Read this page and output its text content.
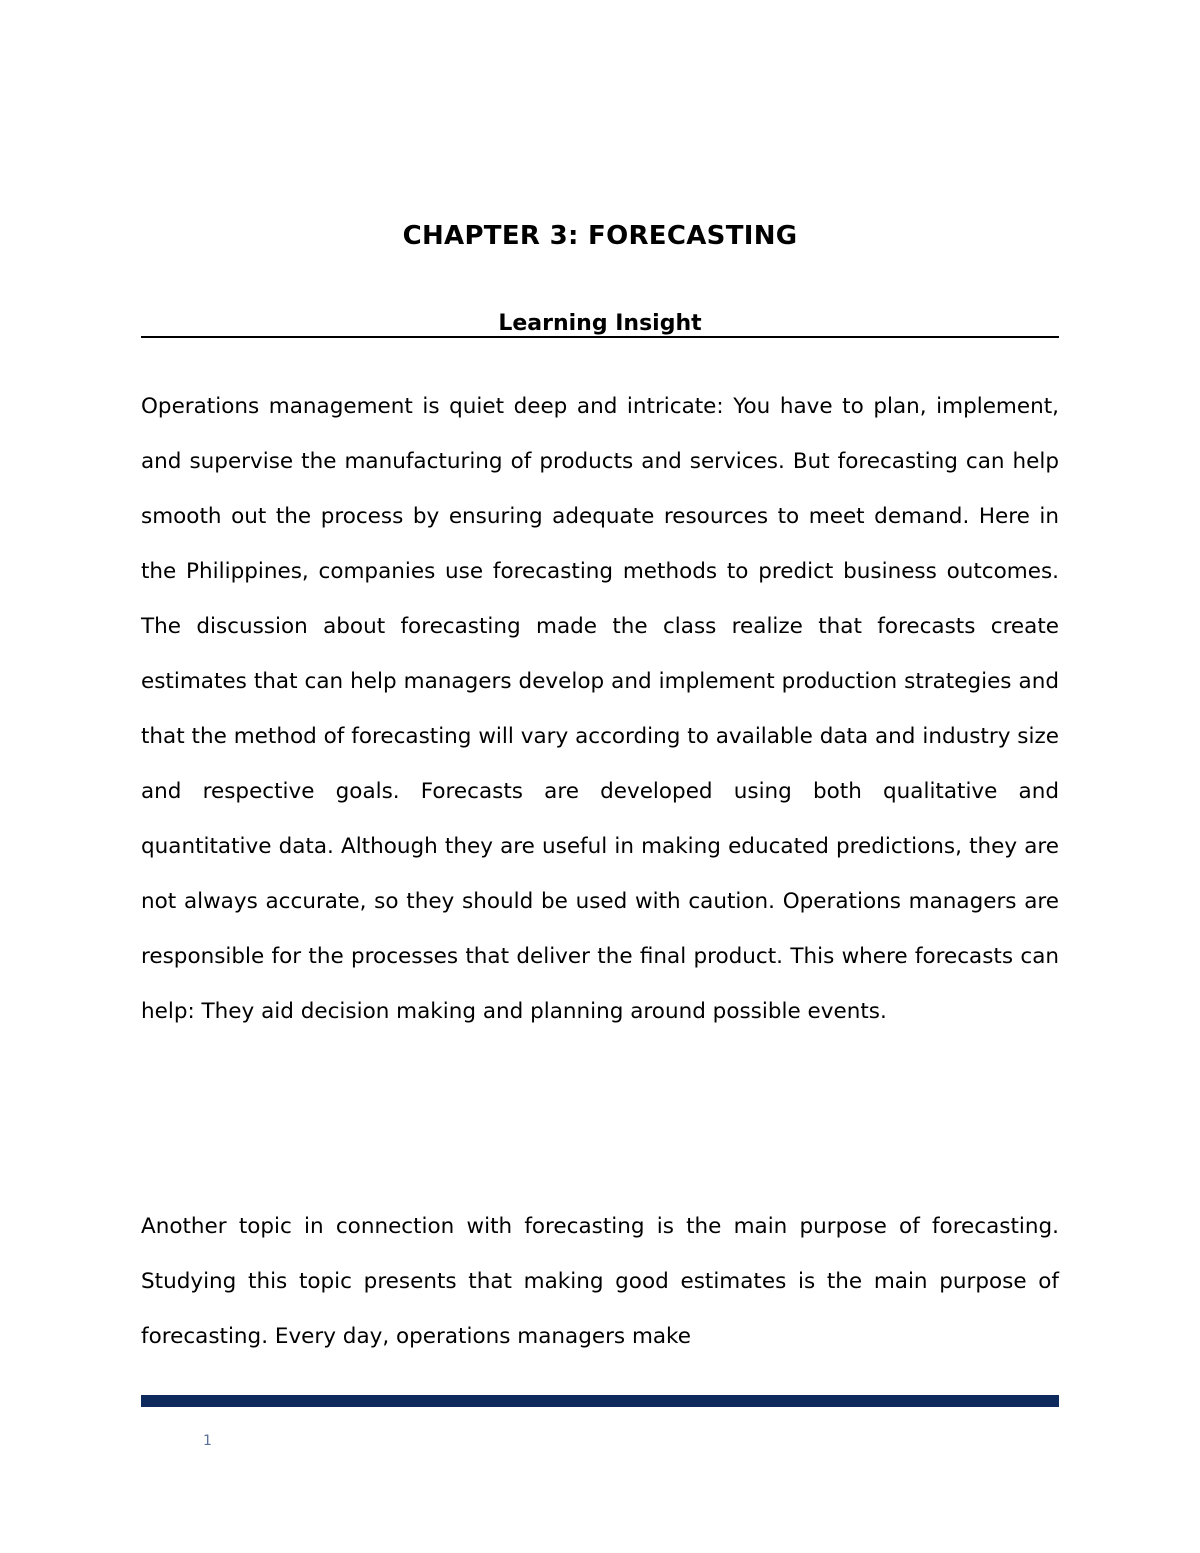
CHAPTER 3: FORECASTING
Learning Insight

Operations management is quiet deep and intricate: You have to plan, implement, and supervise the manufacturing of products and services. But forecasting can help smooth out the process by ensuring adequate resources to meet demand. Here in the Philippines, companies use forecasting methods to predict business outcomes. The discussion about forecasting made the class realize that forecasts create estimates that can help managers develop and implement production strategies and that the method of forecasting will vary according to available data and industry size and respective goals. Forecasts are developed using both qualitative and quantitative data. Although they are useful in making educated predictions, they are not always accurate, so they should be used with caution. Operations managers are responsible for the processes that deliver the final product. This where forecasts can help: They aid decision making and planning around possible events.

Another topic in connection with forecasting is the main purpose of forecasting. Studying this topic presents that making good estimates is the main purpose of forecasting. Every day, operations managers make

1
